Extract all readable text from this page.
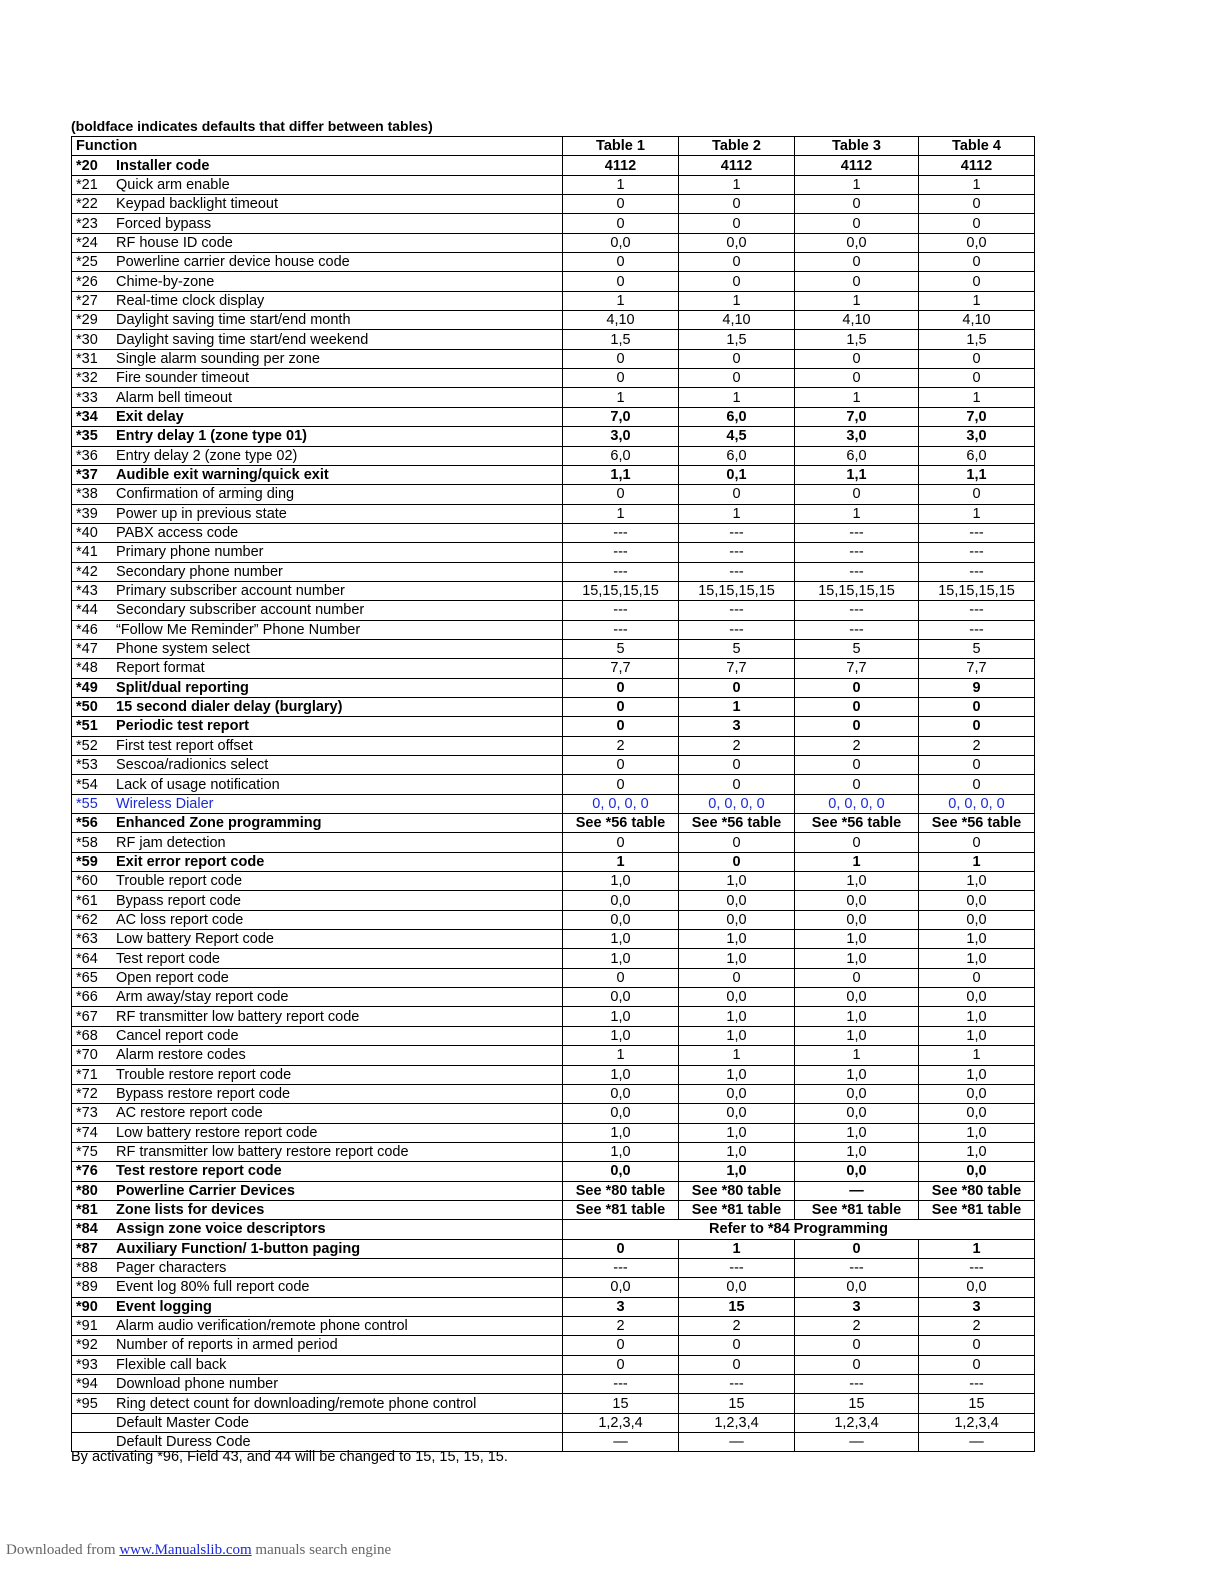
(boldface indicates defaults that differ between tables)
Function	Table 1	Table 2	Table 3	Table 4
*20 Installer code	4112	4112	4112	4112
*21 Quick arm enable	1	1	1	1
*22 Keypad backlight timeout	0	0	0	0
*23 Forced bypass	0	0	0	0
*24 RF house ID code	0,0	0,0	0,0	0,0
*25 Powerline carrier device house code	0	0	0	0
*26 Chime-by-zone	0	0	0	0
*27 Real-time clock display	1	1	1	1
*29 Daylight saving time start/end month	4,10	4,10	4,10	4,10
*30 Daylight saving time start/end weekend	1,5	1,5	1,5	1,5
*31 Single alarm sounding per zone	0	0	0	0
*32 Fire sounder timeout	0	0	0	0
*33 Alarm bell timeout	1	1	1	1
*34 Exit delay	7,0	6,0	7,0	7,0
*35 Entry delay 1 (zone type 01)	3,0	4,5	3,0	3,0
*36 Entry delay 2 (zone type 02)	6,0	6,0	6,0	6,0
*37 Audible exit warning/quick exit	1,1	0,1	1,1	1,1
*38 Confirmation of arming ding	0	0	0	0
*39 Power up in previous state	1	1	1	1
*40 PABX access code	---	---	---	---
*41 Primary phone number	---	---	---	---
*42 Secondary phone number	---	---	---	---
*43 Primary subscriber account number	15,15,15,15	15,15,15,15	15,15,15,15	15,15,15,15
*44 Secondary subscriber account number	---	---	---	---
*46 “Follow Me Reminder” Phone Number	---	---	---	---
*47 Phone system select	5	5	5	5
*48 Report format	7,7	7,7	7,7	7,7
*49 Split/dual reporting	0	0	0	9
*50 15 second dialer delay (burglary)	0	1	0	0
*51 Periodic test report	0	3	0	0
*52 First test report offset	2	2	2	2
*53 Sescoa/radionics select	0	0	0	0
*54 Lack of usage notification	0	0	0	0
*55 Wireless Dialer	0, 0, 0, 0	0, 0, 0, 0	0, 0, 0, 0	0, 0, 0, 0
*56 Enhanced Zone programming	See *56 table	See *56 table	See *56 table	See *56 table
*58 RF jam detection	0	0	0	0
*59 Exit error report code	1	0	1	1
*60 Trouble report code	1,0	1,0	1,0	1,0
*61 Bypass report code	0,0	0,0	0,0	0,0
*62 AC loss report code	0,0	0,0	0,0	0,0
*63 Low battery Report code	1,0	1,0	1,0	1,0
*64 Test report code	1,0	1,0	1,0	1,0
*65 Open report code	0	0	0	0
*66 Arm away/stay report code	0,0	0,0	0,0	0,0
*67 RF transmitter low battery report code	1,0	1,0	1,0	1,0
*68 Cancel report code	1,0	1,0	1,0	1,0
*70 Alarm restore codes	1	1	1	1
*71 Trouble restore report code	1,0	1,0	1,0	1,0
*72 Bypass restore report code	0,0	0,0	0,0	0,0
*73 AC restore report code	0,0	0,0	0,0	0,0
*74 Low battery restore report code	1,0	1,0	1,0	1,0
*75 RF transmitter low battery restore report code	1,0	1,0	1,0	1,0
*76 Test restore report code	0,0	1,0	0,0	0,0
*80 Powerline Carrier Devices	See *80 table	See *80 table	—	See *80 table
*81 Zone lists for devices	See *81 table	See *81 table	See *81 table	See *81 table
*84 Assign zone voice descriptors	Refer to *84 Programming			
*87 Auxiliary Function/ 1-button paging	0	1	0	1
*88 Pager characters	---	---	---	---
*89 Event log 80% full report code	0,0	0,0	0,0	0,0
*90 Event logging	3	15	3	3
*91 Alarm audio verification/remote phone control	2	2	2	2
*92 Number of reports in armed period	0	0	0	0
*93 Flexible call back	0	0	0	0
*94 Download phone number	---	---	---	---
*95 Ring detect count for downloading/remote phone control	15	15	15	15
Default Master Code	1,2,3,4	1,2,3,4	1,2,3,4	1,2,3,4
Default Duress Code	—	—	—	—
By activating *96, Field 43, and 44 will be changed to 15, 15, 15, 15.
Downloaded from www.Manualslib.com manuals search engine
